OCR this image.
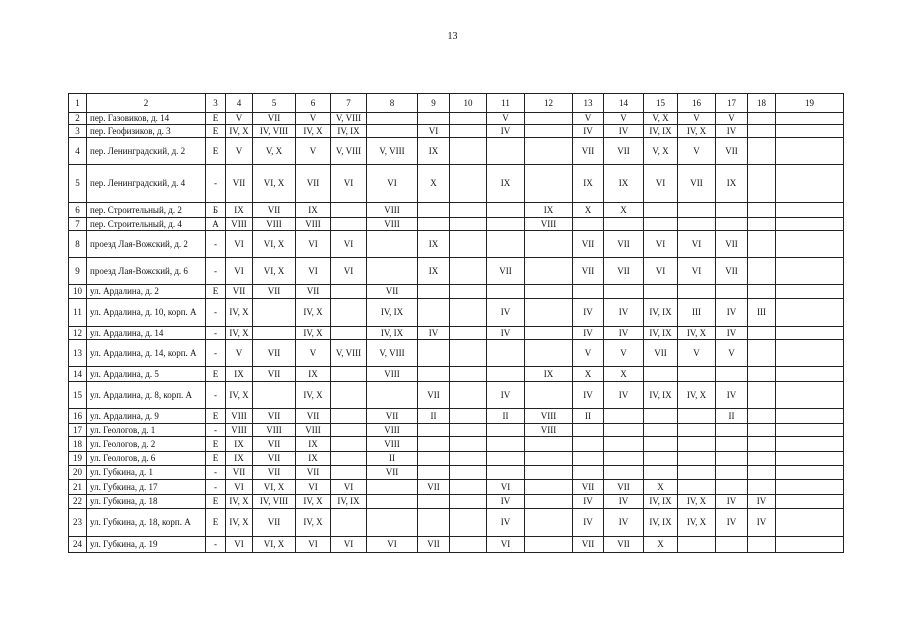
13
1	2	3	4	5	6	7	8	9	10	11	12	13	14	15	16	17	18	19
2	пер. Газовиков, д. 14	Е	V	VII	V	V, VIII				V		V	V	V, X	V	V		
3	пер. Геофизиков, д. 3	Е	IV, X	IV, VIII	IV, X	IV, IX		VI		IV		IV	IV	IV, IX	IV, X	IV		
4	пер. Ленинградский, д. 2	Е	V	V, X	V	V, VIII	V, VIII	IX				VII	VII	V, X	V	VII		
5	пер. Ленинградский, д. 4	-	VII	VI, X	VII	VI	VI	X		IX		IX	IX	VI	VII	IX		
6	пер. Строительный, д. 2	Б	IX	VII	IX		VIII				IX	X	X					
7	пер. Строительный, д. 4	А	VIII	VIII	VIII		VIII				VIII							
8	проезд Лая-Вожский, д. 2	-	VI	VI, X	VI	VI		IX				VII	VII	VI	VI	VII		
9	проезд Лая-Вожский, д. 6	-	VI	VI, X	VI	VI		IX		VII		VII	VII	VI	VI	VII		
10	ул. Ардалина, д. 2	Е	VII	VII	VII		VII											
11	ул. Ардалина, д. 10, корп. А	-	IV, X		IV, X		IV, IX			IV		IV	IV	IV, IX	III	IV	III	
12	ул. Ардалина, д. 14	-	IV, X		IV, X		IV, IX	IV		IV		IV	IV	IV, IX	IV, X	IV		
13	ул. Ардалина, д. 14, корп. А	-	V	VII	V	V, VIII	V, VIII					V	V	VII	V	V		
14	ул. Ардалина, д. 5	Е	IX	VII	IX		VIII				IX	X	X					
15	ул. Ардалина, д. 8, корп. А	-	IV, X		IV, X			VII		IV		IV	IV	IV, IX	IV, X	IV		
16	ул. Ардалина, д. 9	Е	VIII	VII	VII		VII	II		II	VIII	II				II		
17	ул. Геологов, д. 1	-	VIII	VIII	VIII		VIII				VIII							
18	ул. Геологов, д. 2	Е	IX	VII	IX		VIII											
19	ул. Геологов, д. 6	Е	IX	VII	IX		II											
20	ул. Губкина, д. 1	-	VII	VII	VII		VII											
21	ул. Губкина, д. 17	-	VI	VI, X	VI	VI		VII		VI		VII	VII	X				
22	ул. Губкина, д. 18	Е	IV, X	IV, VIII	IV, X	IV, IX				IV		IV	IV	IV, IX	IV, X	IV	IV	
23	ул. Губкина, д. 18, корп. А	Е	IV, X	VII	IV, X					IV		IV	IV	IV, IX	IV, X	IV	IV	
24	ул. Губкина, д. 19	-	VI	VI, X	VI	VI	VI	VII		VI		VII	VII	X				
